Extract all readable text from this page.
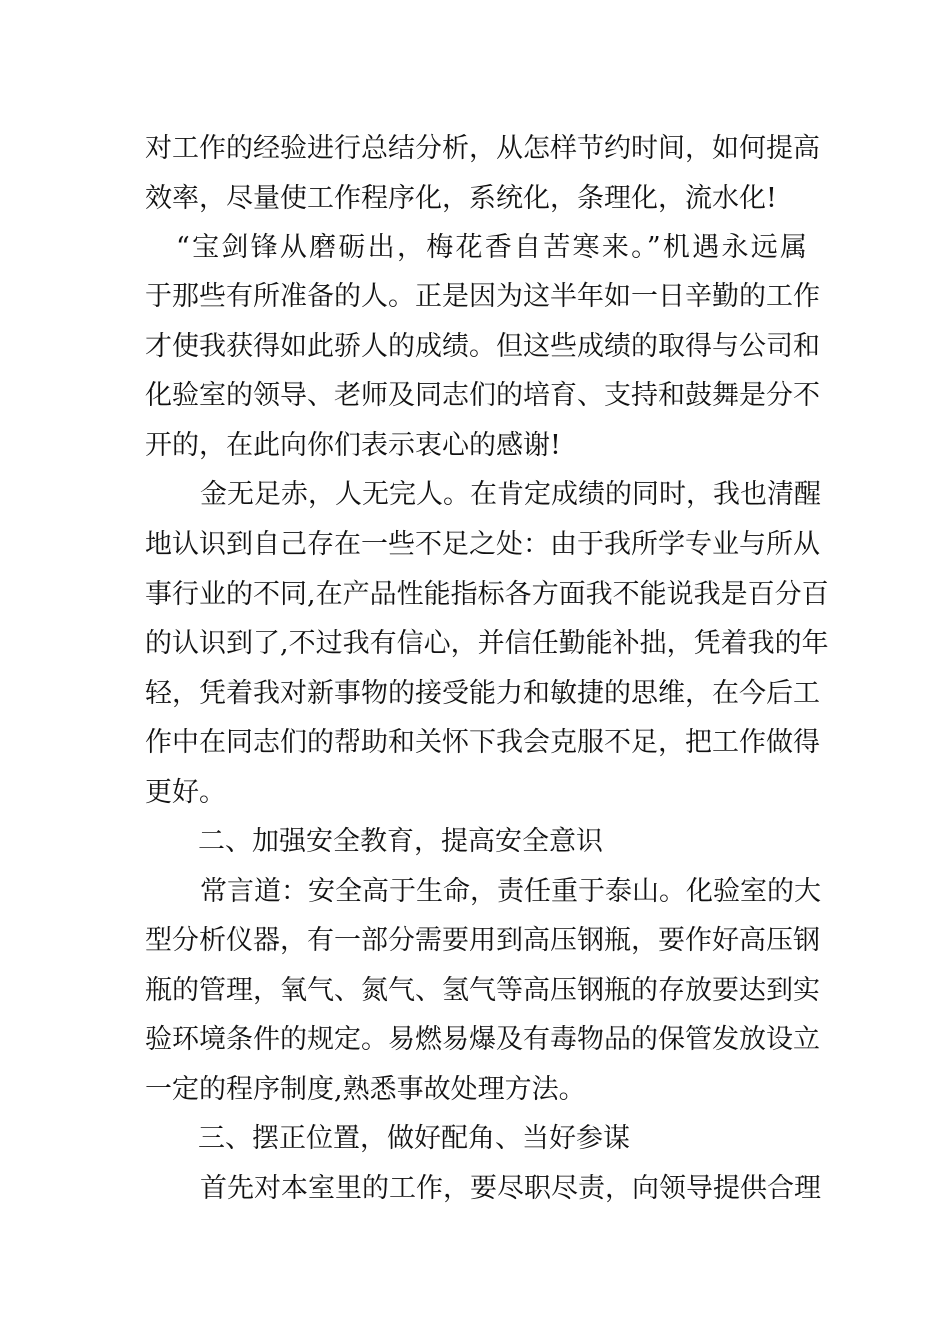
对工作的经验进行总结分析，从怎样节约时间，如何提高
效率，尽量使工作程序化，系统化，条理化，流水化!
“宝剑锋从磨砺出，梅花香自苦寒来。”机遇永远属
于那些有所准备的人。正是因为这半年如一日辛勤的工作
才使我获得如此骄人的成绩。但这些成绩的取得与公司和
化验室的领导、老师及同志们的培育、支持和鼓舞是分不
开的，在此向你们表示衷心的感谢!
金无足赤，人无完人。在肯定成绩的同时，我也清醒
地认识到自己存在一些不足之处：由于我所学专业与所从
事行业的不同,在产品性能指标各方面我不能说我是百分百
的认识到了,不过我有信心，并信任勤能补拙，凭着我的年
轻，凭着我对新事物的接受能力和敏捷的思维，在今后工
作中在同志们的帮助和关怀下我会克服不足，把工作做得
更好。
二、加强安全教育，提高安全意识
常言道：安全高于生命，责任重于泰山。化验室的大
型分析仪器，有一部分需要用到高压钢瓶，要作好高压钢
瓶的管理，氧气、氮气、氢气等高压钢瓶的存放要达到实
验环境条件的规定。易燃易爆及有毒物品的保管发放设立
一定的程序制度,熟悉事故处理方法。
三、摆正位置，做好配角、当好参谋
首先对本室里的工作，要尽职尽责，向领导提供合理
